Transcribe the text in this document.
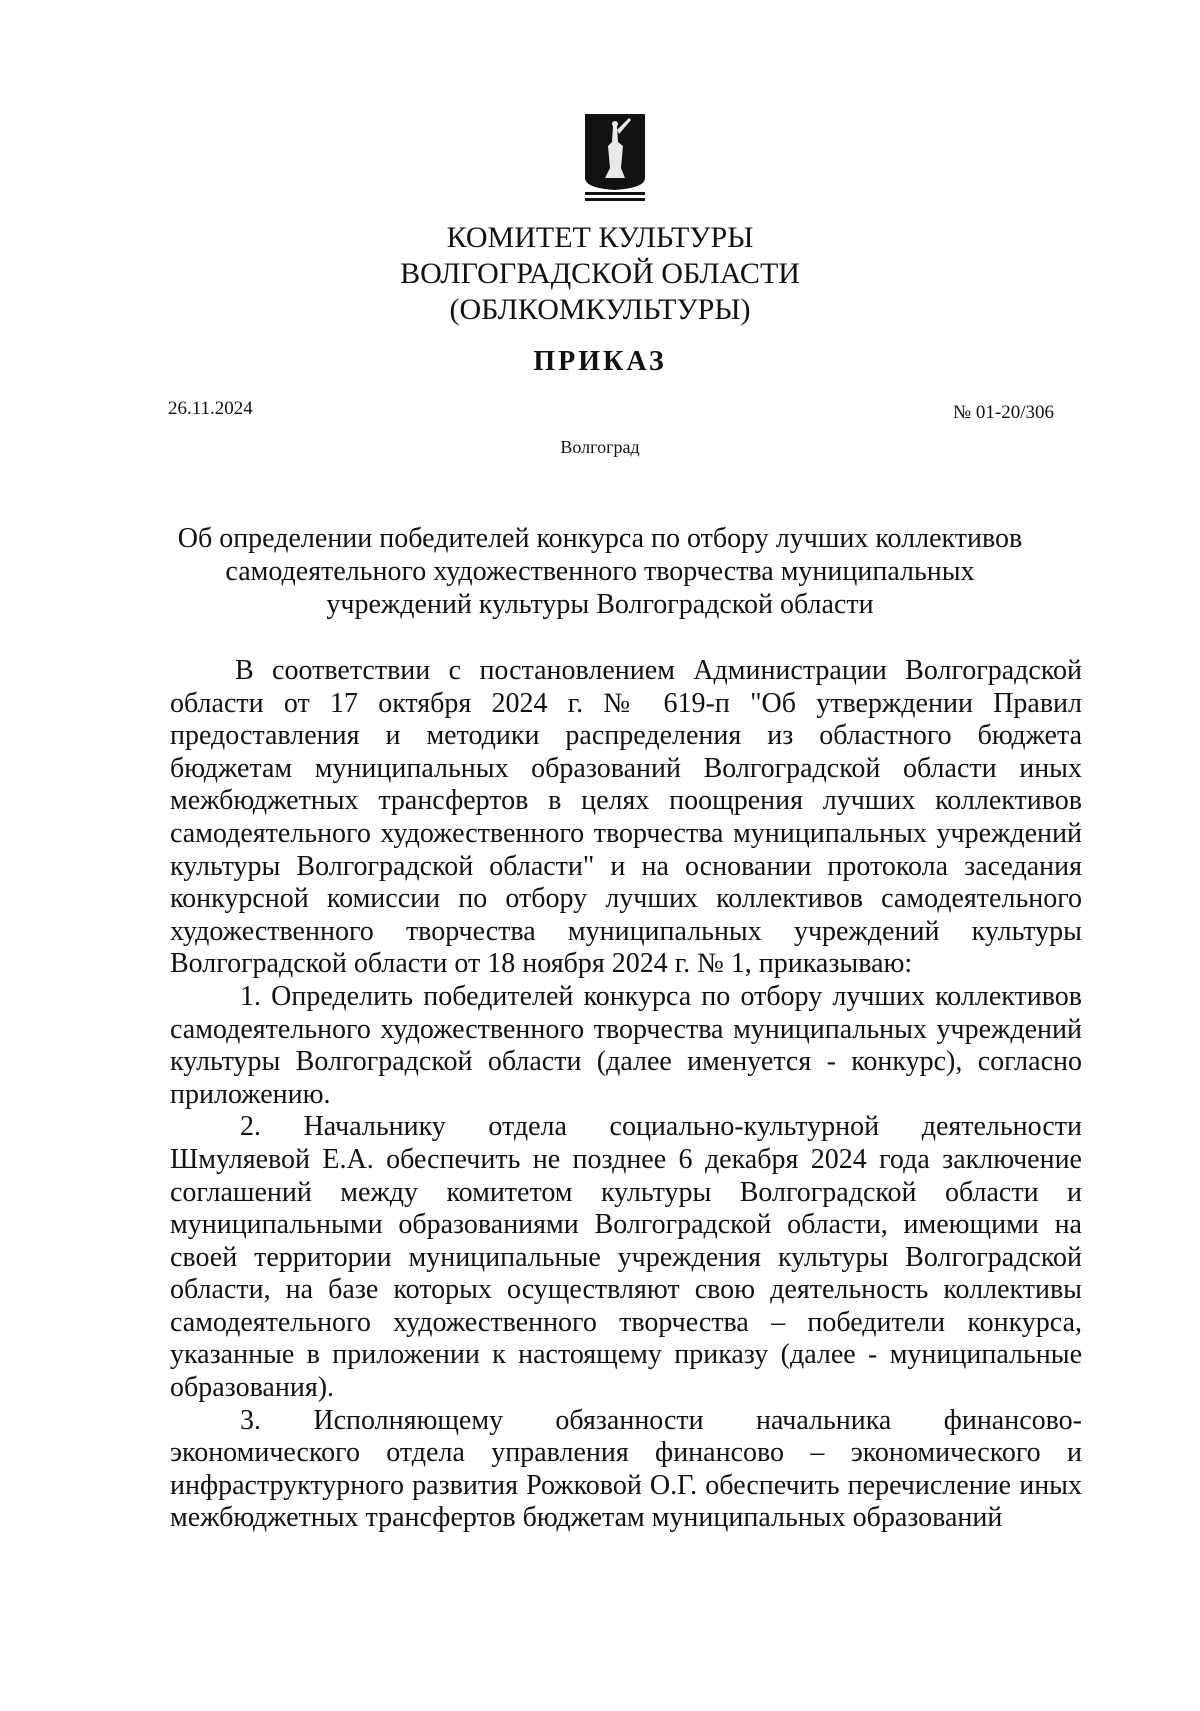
КОМИТЕТ КУЛЬТУРЫ
ВОЛГОГРАДСКОЙ ОБЛАСТИ
(ОБЛКОМКУЛЬТУРЫ)
ПРИКАЗ
26.11.2024	№ 01-20/306
Волгоград
Об определении победителей конкурса по отбору лучших коллективов самодеятельного художественного творчества муниципальных учреждений культуры Волгоградской области

В соответствии с постановлением Администрации Волгоградской области от 17 октября 2024 г. № 619-п "Об утверждении Правил предоставления и методики распределения из областного бюджета бюджетам муниципальных образований Волгоградской области иных межбюджетных трансфертов в целях поощрения лучших коллективов самодеятельного художественного творчества муниципальных учреждений культуры Волгоградской области" и на основании протокола заседания конкурсной комиссии по отбору лучших коллективов самодеятельного художественного творчества муниципальных учреждений культуры Волгоградской области от 18 ноября 2024 г. № 1, приказываю:

1. Определить победителей конкурса по отбору лучших коллективов самодеятельного художественного творчества муниципальных учреждений культуры Волгоградской области (далее именуется - конкурс), согласно приложению.

2. Начальнику отдела социально-культурной деятельности Шмуляевой Е.А. обеспечить не позднее 6 декабря 2024 года заключение соглашений между комитетом культуры Волгоградской области и муниципальными образованиями Волгоградской области, имеющими на своей территории муниципальные учреждения культуры Волгоградской области, на базе которых осуществляют свою деятельность коллективы самодеятельного художественного творчества – победители конкурса, указанные в приложении к настоящему приказу (далее - муниципальные образования).

3. Исполняющему обязанности начальника финансово-экономического отдела управления финансово – экономического и инфраструктурного развития Рожковой О.Г. обеспечить перечисление иных межбюджетных трансфертов бюджетам муниципальных образований
